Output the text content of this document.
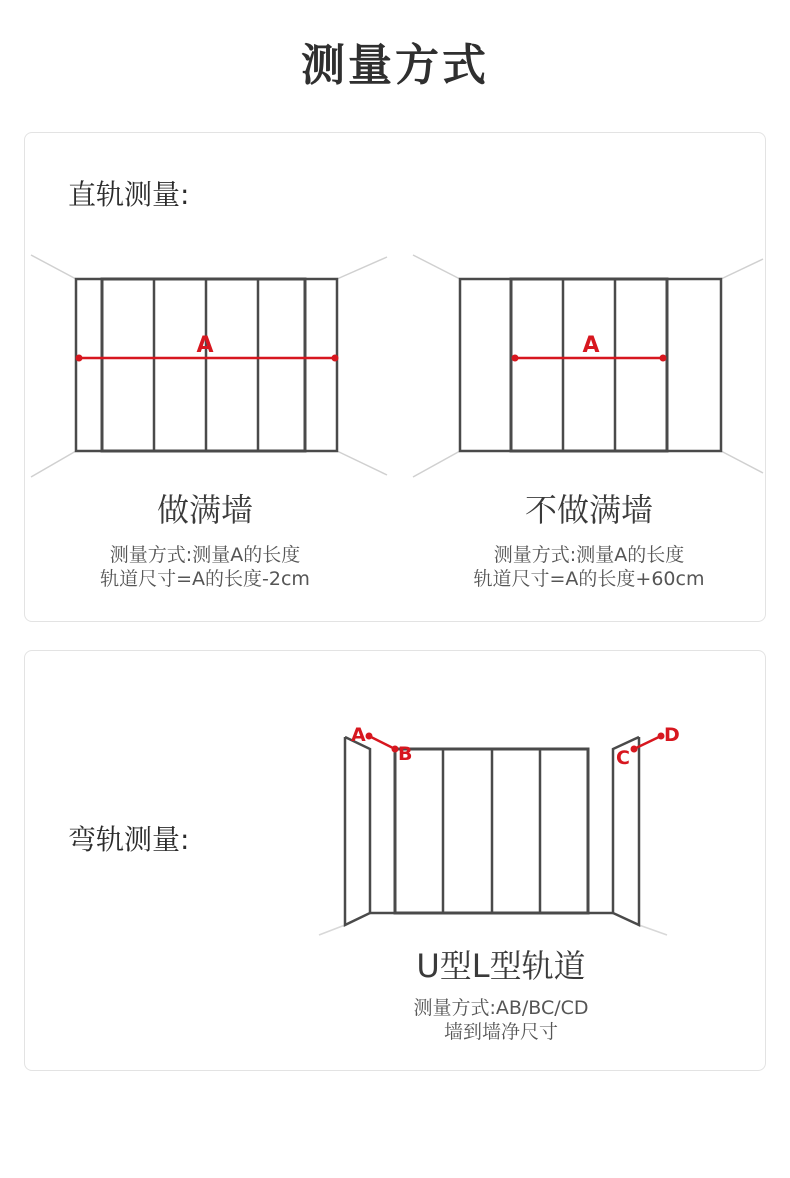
测量方式
直轨测量:
A	A
做满墙
测量方式:测量A的长度
轨道尺寸=A的长度-2cm
不做满墙
测量方式:测量A的长度
轨道尺寸=A的长度+60cm
弯轨测量:
A
B	C
D
U型L型轨道
测量方式:AB/BC/CD
墙到墙净尺寸
